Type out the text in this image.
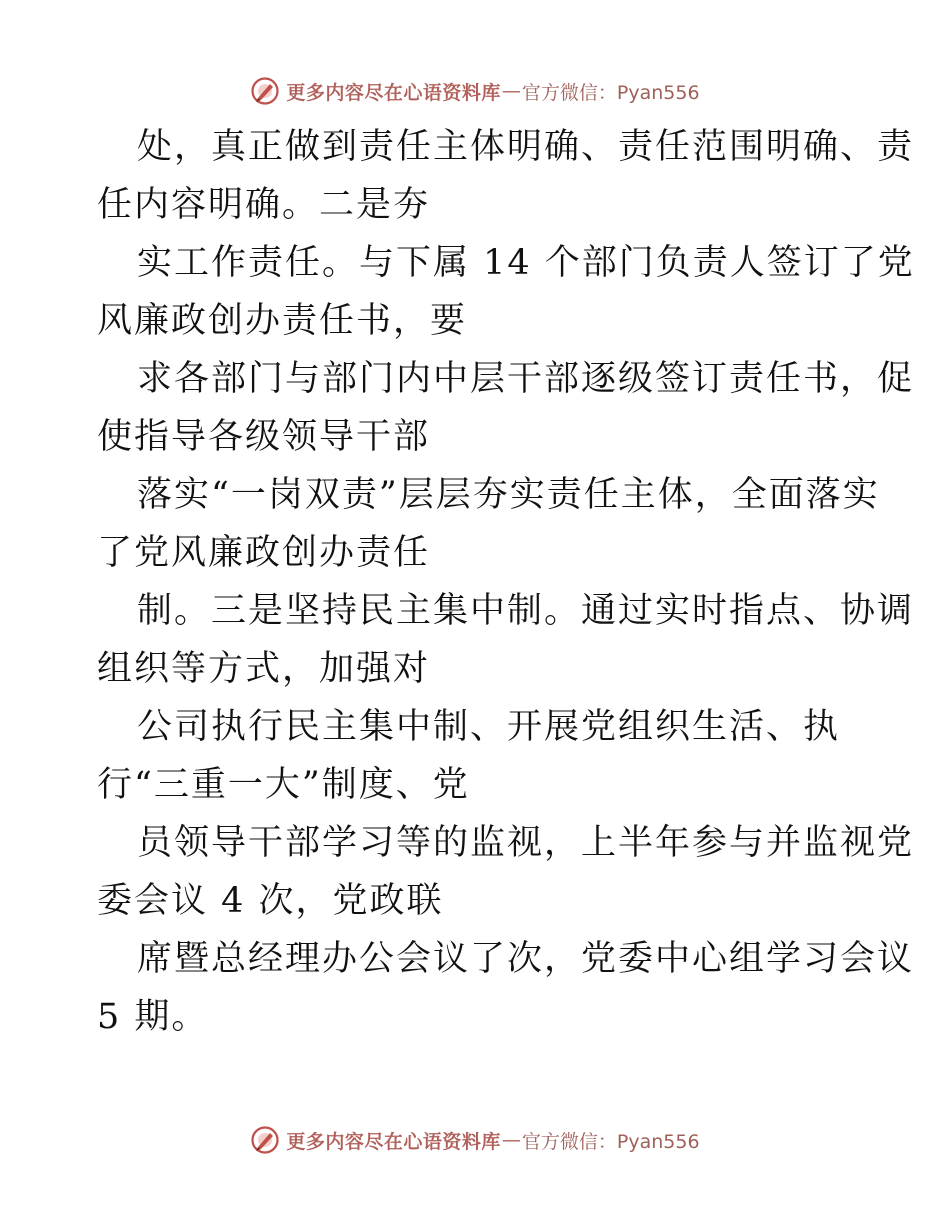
更多内容尽在心语资料库 — 官方微信：Pyan556
处，真正做到责任主体明确、责任范围明确、责
任内容明确。二是夯
实工作责任。与下属 14 个部门负责人签订了党
风廉政创办责任书，要
求各部门与部门内中层干部逐级签订责任书，促
使指导各级领导干部
落实“一岗双责”层层夯实责任主体，全面落实
了党风廉政创办责任
制。三是坚持民主集中制。通过实时指点、协调
组织等方式，加强对
公司执行民主集中制、开展党组织生活、执
行“三重一大”制度、党
员领导干部学习等的监视，上半年参与并监视党
委会议 4 次，党政联
席暨总经理办公会议了次，党委中心组学习会议
5 期。
更多内容尽在心语资料库 — 官方微信：Pyan556
